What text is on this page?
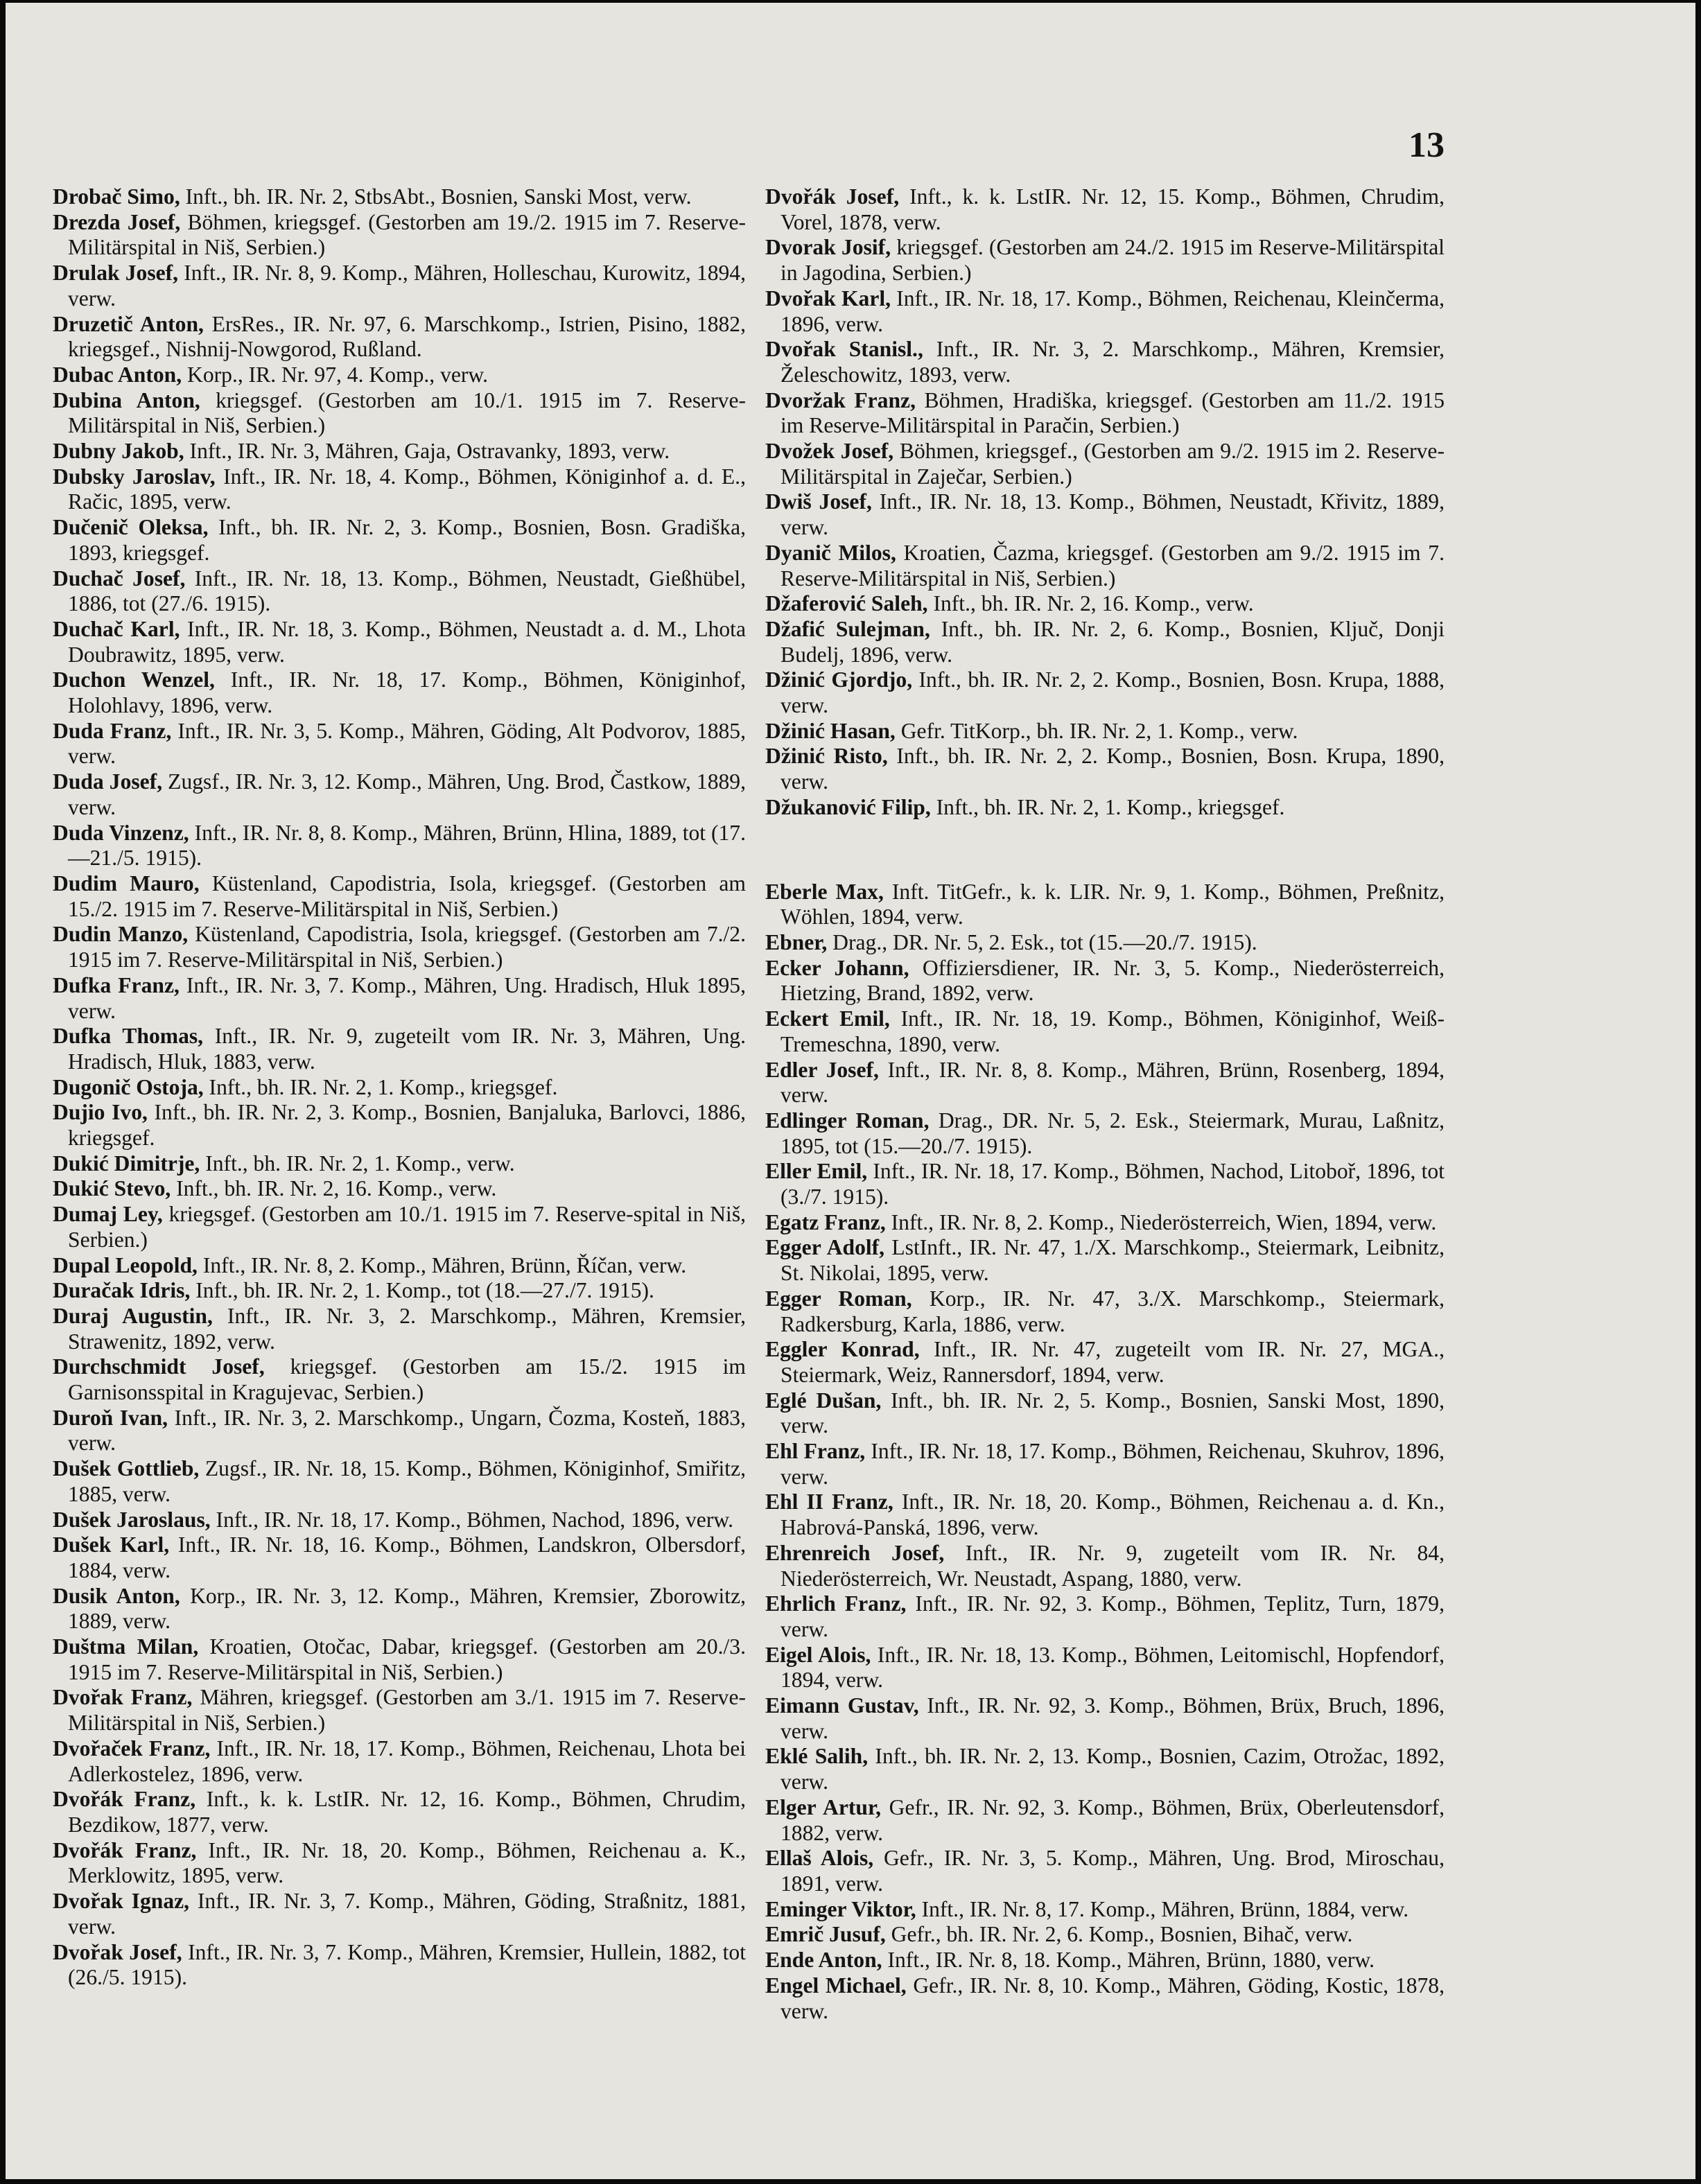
13

Drobač Simo, Inft., bh. IR. Nr. 2, StbsAbt., Bosnien, Sanski Most, verw.

Drezda Josef, Böhmen, kriegsgef. (Gestorben am 19./2. 1915 im 7. Reserve-Militärspital in Niš, Serbien.)

Drulak Josef, Inft., IR. Nr. 8, 9. Komp., Mähren, Holleschau, Kurowitz, 1894, verw.

Druzetič Anton, ErsRes., IR. Nr. 97, 6. Marschkomp., Istrien, Pisino, 1882, kriegsgef., Nishnij-Nowgorod, Rußland.

Dubac Anton, Korp., IR. Nr. 97, 4. Komp., verw.

Dubina Anton, kriegsgef. (Gestorben am 10./1. 1915 im 7. Reserve-Militärspital in Niš, Serbien.)

Dubny Jakob, Inft., IR. Nr. 3, Mähren, Gaja, Ostravanky, 1893, verw.

Dubsky Jaroslav, Inft., IR. Nr. 18, 4. Komp., Böhmen, Königinhof a. d. E., Račic, 1895, verw.

Dučenič Oleksa, Inft., bh. IR. Nr. 2, 3. Komp., Bosnien, Bosn. Gradiška, 1893, kriegsgef.

Duchač Josef, Inft., IR. Nr. 18, 13. Komp., Böhmen, Neustadt, Gießhübel, 1886, tot (27./6. 1915).

Duchač Karl, Inft., IR. Nr. 18, 3. Komp., Böhmen, Neustadt a. d. M., Lhota Doubrawitz, 1895, verw.

Duchon Wenzel, Inft., IR. Nr. 18, 17. Komp., Böhmen, Königinhof, Holohlavy, 1896, verw.

Duda Franz, Inft., IR. Nr. 3, 5. Komp., Mähren, Göding, Alt Podvorov, 1885, verw.

Duda Josef, Zugsf., IR. Nr. 3, 12. Komp., Mähren, Ung. Brod, Častkow, 1889, verw.

Duda Vinzenz, Inft., IR. Nr. 8, 8. Komp., Mähren, Brünn, Hlina, 1889, tot (17.—21./5. 1915).

Dudim Mauro, Küstenland, Capodistria, Isola, kriegsgef. (Gestorben am 15./2. 1915 im 7. Reserve-Militärspital in Niš, Serbien.)

Dudin Manzo, Küstenland, Capodistria, Isola, kriegsgef. (Gestorben am 7./2. 1915 im 7. Reserve-Militärspital in Niš, Serbien.)

Dufka Franz, Inft., IR. Nr. 3, 7. Komp., Mähren, Ung. Hradisch, Hluk 1895, verw.

Dufka Thomas, Inft., IR. Nr. 9, zugeteilt vom IR. Nr. 3, Mähren, Ung. Hradisch, Hluk, 1883, verw.

Dugonič Ostoja, Inft., bh. IR. Nr. 2, 1. Komp., kriegsgef.

Dujio Ivo, Inft., bh. IR. Nr. 2, 3. Komp., Bosnien, Banjaluka, Barlovci, 1886, kriegsgef.

Dukić Dimitrje, Inft., bh. IR. Nr. 2, 1. Komp., verw.

Dukić Stevo, Inft., bh. IR. Nr. 2, 16. Komp., verw.

Dumaj Ley, kriegsgef. (Gestorben am 10./1. 1915 im 7. Reserve-spital in Niš, Serbien.)

Dupal Leopold, Inft., IR. Nr. 8, 2. Komp., Mähren, Brünn, Říčan, verw.

Duračak Idris, Inft., bh. IR. Nr. 2, 1. Komp., tot (18.—27./7. 1915).

Duraj Augustin, Inft., IR. Nr. 3, 2. Marschkomp., Mähren, Kremsier, Strawenitz, 1892, verw.

Durchschmidt Josef, kriegsgef. (Gestorben am 15./2. 1915 im Garnisonsspital in Kragujevac, Serbien.)

Duroň Ivan, Inft., IR. Nr. 3, 2. Marschkomp., Ungarn, Čozma, Kosteň, 1883, verw.

Dušek Gottlieb, Zugsf., IR. Nr. 18, 15. Komp., Böhmen, Königinhof, Smiřitz, 1885, verw.

Dušek Jaroslaus, Inft., IR. Nr. 18, 17. Komp., Böhmen, Nachod, 1896, verw.

Dušek Karl, Inft., IR. Nr. 18, 16. Komp., Böhmen, Landskron, Olbersdorf, 1884, verw.

Dusik Anton, Korp., IR. Nr. 3, 12. Komp., Mähren, Kremsier, Zborowitz, 1889, verw.

Duštma Milan, Kroatien, Otočac, Dabar, kriegsgef. (Gestorben am 20./3. 1915 im 7. Reserve-Militärspital in Niš, Serbien.)

Dvořak Franz, Mähren, kriegsgef. (Gestorben am 3./1. 1915 im 7. Reserve-Militärspital in Niš, Serbien.)

Dvořaček Franz, Inft., IR. Nr. 18, 17. Komp., Böhmen, Reichenau, Lhota bei Adlerkostelez, 1896, verw.

Dvořák Franz, Inft., k. k. LstIR. Nr. 12, 16. Komp., Böhmen, Chrudim, Bezdikow, 1877, verw.

Dvořák Franz, Inft., IR. Nr. 18, 20. Komp., Böhmen, Reichenau a. K., Merklowitz, 1895, verw.

Dvořak Ignaz, Inft., IR. Nr. 3, 7. Komp., Mähren, Göding, Straßnitz, 1881, verw.

Dvořak Josef, Inft., IR. Nr. 3, 7. Komp., Mähren, Kremsier, Hullein, 1882, tot (26./5. 1915).

Dvořák Josef, Inft., k. k. LstIR. Nr. 12, 15. Komp., Böhmen, Chrudim, Vorel, 1878, verw.

Dvorak Josif, kriegsgef. (Gestorben am 24./2. 1915 im Reserve-Militärspital in Jagodina, Serbien.)

Dvořak Karl, Inft., IR. Nr. 18, 17. Komp., Böhmen, Reichenau, Kleinčerma, 1896, verw.

Dvořak Stanisl., Inft., IR. Nr. 3, 2. Marschkomp., Mähren, Kremsier, Želeschowitz, 1893, verw.

Dvoržak Franz, Böhmen, Hradiška, kriegsgef. (Gestorben am 11./2. 1915 im Reserve-Militärspital in Paračin, Serbien.)

Dvožek Josef, Böhmen, kriegsgef., (Gestorben am 9./2. 1915 im 2. Reserve-Militärspital in Zaječar, Serbien.)

Dwiš Josef, Inft., IR. Nr. 18, 13. Komp., Böhmen, Neustadt, Křivitz, 1889, verw.

Dyanič Milos, Kroatien, Čazma, kriegsgef. (Gestorben am 9./2. 1915 im 7. Reserve-Militärspital in Niš, Serbien.)

Džaferović Saleh, Inft., bh. IR. Nr. 2, 16. Komp., verw.

Džafić Sulejman, Inft., bh. IR. Nr. 2, 6. Komp., Bosnien, Ključ, Donji Budelj, 1896, verw.

Džinić Gjordjo, Inft., bh. IR. Nr. 2, 2. Komp., Bosnien, Bosn. Krupa, 1888, verw.

Džinić Hasan, Gefr. TitKorp., bh. IR. Nr. 2, 1. Komp., verw.

Džinić Risto, Inft., bh. IR. Nr. 2, 2. Komp., Bosnien, Bosn. Krupa, 1890, verw.

Džukanović Filip, Inft., bh. IR. Nr. 2, 1. Komp., kriegsgef.

Eberle Max, Inft. TitGefr., k. k. LIR. Nr. 9, 1. Komp., Böhmen, Preßnitz, Wöhlen, 1894, verw.

Ebner, Drag., DR. Nr. 5, 2. Esk., tot (15.—20./7. 1915).

Ecker Johann, Offiziersdiener, IR. Nr. 3, 5. Komp., Niederösterreich, Hietzing, Brand, 1892, verw.

Eckert Emil, Inft., IR. Nr. 18, 19. Komp., Böhmen, Königinhof, Weiß-Tremeschna, 1890, verw.

Edler Josef, Inft., IR. Nr. 8, 8. Komp., Mähren, Brünn, Rosenberg, 1894, verw.

Edlinger Roman, Drag., DR. Nr. 5, 2. Esk., Steiermark, Murau, Laßnitz, 1895, tot (15.—20./7. 1915).

Eller Emil, Inft., IR. Nr. 18, 17. Komp., Böhmen, Nachod, Litoboř, 1896, tot (3./7. 1915).

Egatz Franz, Inft., IR. Nr. 8, 2. Komp., Niederösterreich, Wien, 1894, verw.

Egger Adolf, LstInft., IR. Nr. 47, 1./X. Marschkomp., Steiermark, Leibnitz, St. Nikolai, 1895, verw.

Egger Roman, Korp., IR. Nr. 47, 3./X. Marschkomp., Steiermark, Radkersburg, Karla, 1886, verw.

Eggler Konrad, Inft., IR. Nr. 47, zugeteilt vom IR. Nr. 27, MGA., Steiermark, Weiz, Rannersdorf, 1894, verw.

Eglé Dušan, Inft., bh. IR. Nr. 2, 5. Komp., Bosnien, Sanski Most, 1890, verw.

Ehl Franz, Inft., IR. Nr. 18, 17. Komp., Böhmen, Reichenau, Skuhrov, 1896, verw.

Ehl II Franz, Inft., IR. Nr. 18, 20. Komp., Böhmen, Reichenau a. d. Kn., Habrová-Panská, 1896, verw.

Ehrenreich Josef, Inft., IR. Nr. 9, zugeteilt vom IR. Nr. 84, Niederösterreich, Wr. Neustadt, Aspang, 1880, verw.

Ehrlich Franz, Inft., IR. Nr. 92, 3. Komp., Böhmen, Teplitz, Turn, 1879, verw.

Eigel Alois, Inft., IR. Nr. 18, 13. Komp., Böhmen, Leitomischl, Hopfendorf, 1894, verw.

Eimann Gustav, Inft., IR. Nr. 92, 3. Komp., Böhmen, Brüx, Bruch, 1896, verw.

Eklé Salih, Inft., bh. IR. Nr. 2, 13. Komp., Bosnien, Cazim, Otrožac, 1892, verw.

Elger Artur, Gefr., IR. Nr. 92, 3. Komp., Böhmen, Brüx, Oberleutensdorf, 1882, verw.

Ellaš Alois, Gefr., IR. Nr. 3, 5. Komp., Mähren, Ung. Brod, Miroschau, 1891, verw.

Eminger Viktor, Inft., IR. Nr. 8, 17. Komp., Mähren, Brünn, 1884, verw.

Emrič Jusuf, Gefr., bh. IR. Nr. 2, 6. Komp., Bosnien, Bihač, verw.

Ende Anton, Inft., IR. Nr. 8, 18. Komp., Mähren, Brünn, 1880, verw.

Engel Michael, Gefr., IR. Nr. 8, 10. Komp., Mähren, Göding, Kostic, 1878, verw.
